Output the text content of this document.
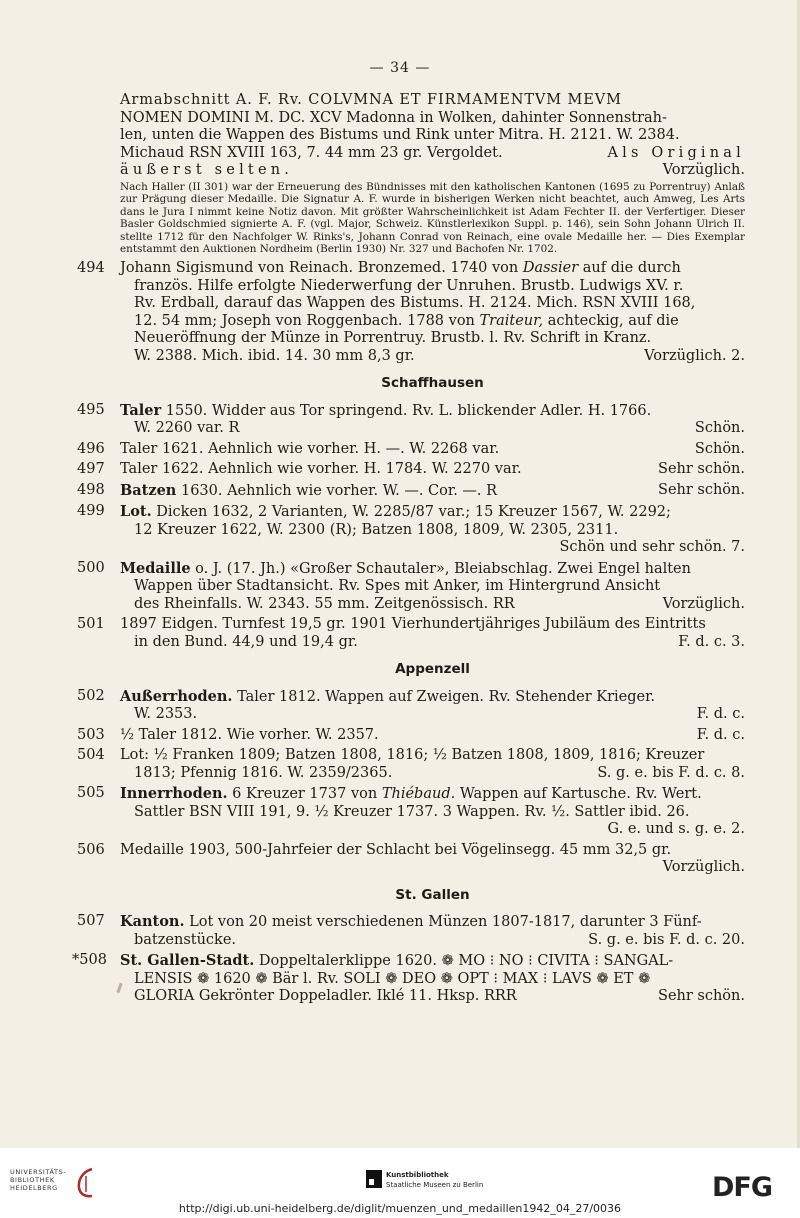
— 34 —
Armabschnitt A. F. Rv. COLVMNA ET FIRMAMENTVM MEVM
NOMEN DOMINI M. DC. XCV Madonna in Wolken, dahinter Sonnenstrah-
len, unten die Wappen des Bistums und Rink unter Mitra. H. 2121. W. 2384.
Michaud RSN XVIII 163, 7. 44 mm 23 gr. Vergoldet.	Als Original
äußerst selten.	Vorzüglich.
Nach Haller (II 301) war der Erneuerung des Bündnisses mit den katholischen Kantonen (1695 zu Porrentruy) Anlaß zur Prägung dieser Medaille. Die Signatur A. F. wurde in bisherigen Werken nicht beachtet, auch Amweg, Les Arts dans le Jura I nimmt keine Notiz davon. Mit größter Wahrscheinlichkeit ist Adam Fechter II. der Verfertiger. Dieser Basler Goldschmied signierte A. F. (vgl. Major, Schweiz. Künstlerlexikon Suppl. p. 146), sein Sohn Johann Ulrich II. stellte 1712 für den Nachfolger W. Rinks's, Johann Conrad von Reinach, eine ovale Medaille her. — Dies Exemplar entstammt den Auktionen Nordheim (Berlin 1930) Nr. 327 und Bachofen Nr. 1702.
494	Johann Sigismund von Reinach. Bronzemed. 1740 von Dassier auf die durch
französ. Hilfe erfolgte Niederwerfung der Unruhen. Brustb. Ludwigs XV. r.
Rv. Erdball, darauf das Wappen des Bistums. H. 2124. Mich. RSN XVIII 168,
12. 54 mm; Joseph von Roggenbach. 1788 von Traiteur, achteckig, auf die
Neueröffnung der Münze in Porrentruy. Brustb. l. Rv. Schrift in Kranz.
W. 2388. Mich. ibid. 14. 30 mm 8,3 gr.	Vorzüglich. 2.
Schaffhausen
495	Taler 1550. Widder aus Tor springend. Rv. L. blickender Adler. H. 1766.
W. 2260 var. R	Schön.
496	Taler 1621. Aehnlich wie vorher. H. —. W. 2268 var.	Schön.
497	Taler 1622. Aehnlich wie vorher. H. 1784. W. 2270 var.	Sehr schön.
498	Batzen 1630. Aehnlich wie vorher. W. —. Cor. —. R	Sehr schön.
499	Lot. Dicken 1632, 2 Varianten, W. 2285/87 var.; 15 Kreuzer 1567, W. 2292;
12 Kreuzer 1622, W. 2300 (R); Batzen 1808, 1809, W. 2305, 2311.
Schön und sehr schön. 7.
500	Medaille o. J. (17. Jh.) «Großer Schautaler», Bleiabschlag. Zwei Engel halten
Wappen über Stadtansicht. Rv. Spes mit Anker, im Hintergrund Ansicht
des Rheinfalls. W. 2343. 55 mm. Zeitgenössisch. RR	Vorzüglich.
501	1897 Eidgen. Turnfest 19,5 gr. 1901 Vierhundertjähriges Jubiläum des Eintritts
in den Bund. 44,9 und 19,4 gr.	F. d. c. 3.
Appenzell
502	Außerrhoden. Taler 1812. Wappen auf Zweigen. Rv. Stehender Krieger.
W. 2353.	F. d. c.
503	½ Taler 1812. Wie vorher. W. 2357.	F. d. c.
504	Lot: ½ Franken 1809; Batzen 1808, 1816; ½ Batzen 1808, 1809, 1816; Kreuzer
1813; Pfennig 1816. W. 2359/2365.	S. g. e. bis F. d. c. 8.
505	Innerrhoden. 6 Kreuzer 1737 von Thiébaud. Wappen auf Kartusche. Rv. Wert.
Sattler BSN VIII 191, 9. ½ Kreuzer 1737. 3 Wappen. Rv. ½. Sattler ibid. 26.
G. e. und s. g. e. 2.
506	Medaille 1903, 500-Jahrfeier der Schlacht bei Vögelinsegg. 45 mm 32,5 gr.
Vorzüglich.
St. Gallen
507	Kanton. Lot von 20 meist verschiedenen Münzen 1807-1817, darunter 3 Fünf-
batzenstücke.	S. g. e. bis F. d. c. 20.
*508 St. Gallen-Stadt. Doppeltalerklippe 1620. ❁ MO ⁝ NO ⁝ CIVITA ⁝ SANGAL-
LENSIS ❁ 1620 ❁ Bär l. Rv. SOLI ❁ DEO ❁ OPT ⁝ MAX ⁝ LAVS ❁ ET ❁
GLORIA Gekrönter Doppeladler. Iklé 11. Hksp. RRR	Sehr schön.
UNIVERSITÄTS-
BIBLIOTHEK
HEIDELBERG
Kunstbibliothek
Staatliche Museen zu Berlin	DFG
http://digi.ub.uni-heidelberg.de/diglit/muenzen_und_medaillen1942_04_27/0036
